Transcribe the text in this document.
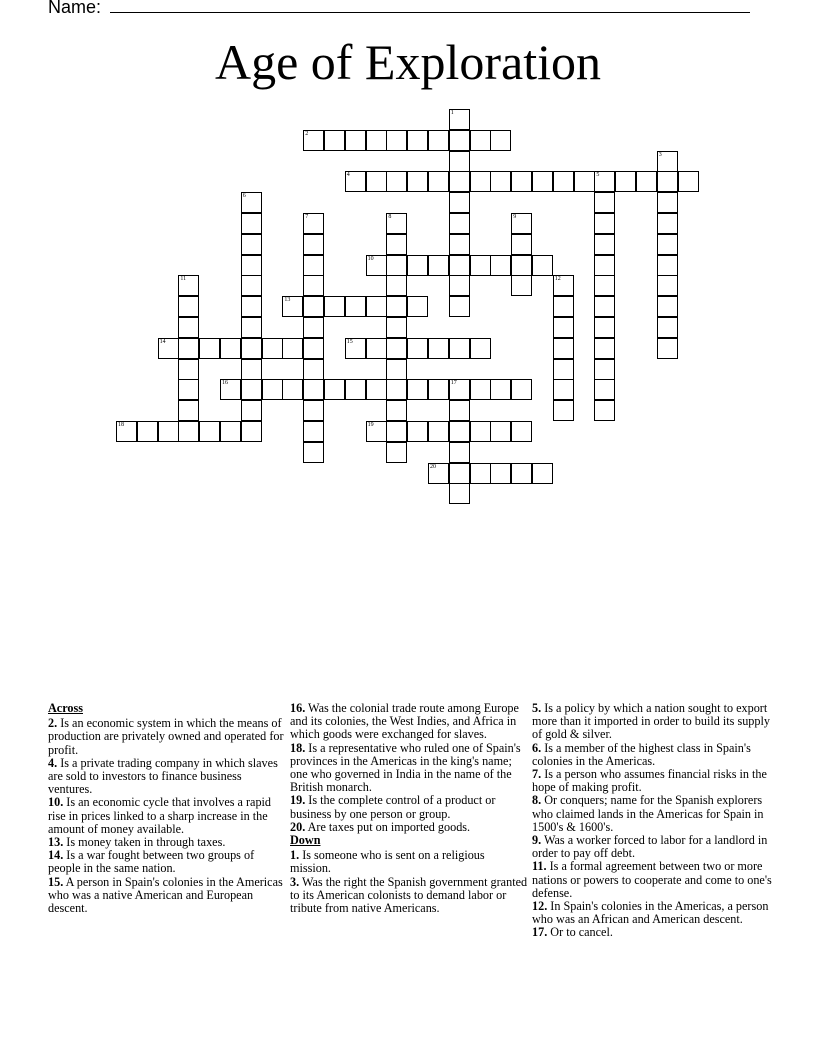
Name:
Age of Exploration
1
2
3
4	5
6
7	8	9
10
11	12
13
14	15
16	17
18	19
20
Across

2. Is an economic system in which the means of production are privately owned and operated for profit.

4. Is a private trading company in which slaves are sold to investors to finance business ventures.

10. Is an economic cycle that involves a rapid rise in prices linked to a sharp increase in the amount of money available.

13. Is money taken in through taxes.

14. Is a war fought between two groups of people in the same nation.

15. A person in Spain's colonies in the Americas who was a native American and European descent.

16. Was the colonial trade route among Europe and its colonies, the West Indies, and Africa in which goods were exchanged for slaves.

18. Is a representative who ruled one of Spain's provinces in the Americas in the king's name; one who governed in India in the name of the British monarch.

19. Is the complete control of a product or business by one person or group.

20. Are taxes put on imported goods.

Down

1. Is someone who is sent on a religious mission.

3. Was the right the Spanish government granted to its American colonists to demand labor or tribute from native Americans.

5. Is a policy by which a nation sought to export more than it imported in order to build its supply of gold & silver.

6. Is a member of the highest class in Spain's colonies in the Americas.

7. Is a person who assumes financial risks in the hope of making profit.

8. Or conquers; name for the Spanish explorers who claimed lands in the Americas for Spain in 1500's & 1600's.

9. Was a worker forced to labor for a landlord in order to pay off debt.

11. Is a formal agreement between two or more nations or powers to cooperate and come to one's defense.

12. In Spain's colonies in the Americas, a person who was an African and American descent.

17. Or to cancel.
